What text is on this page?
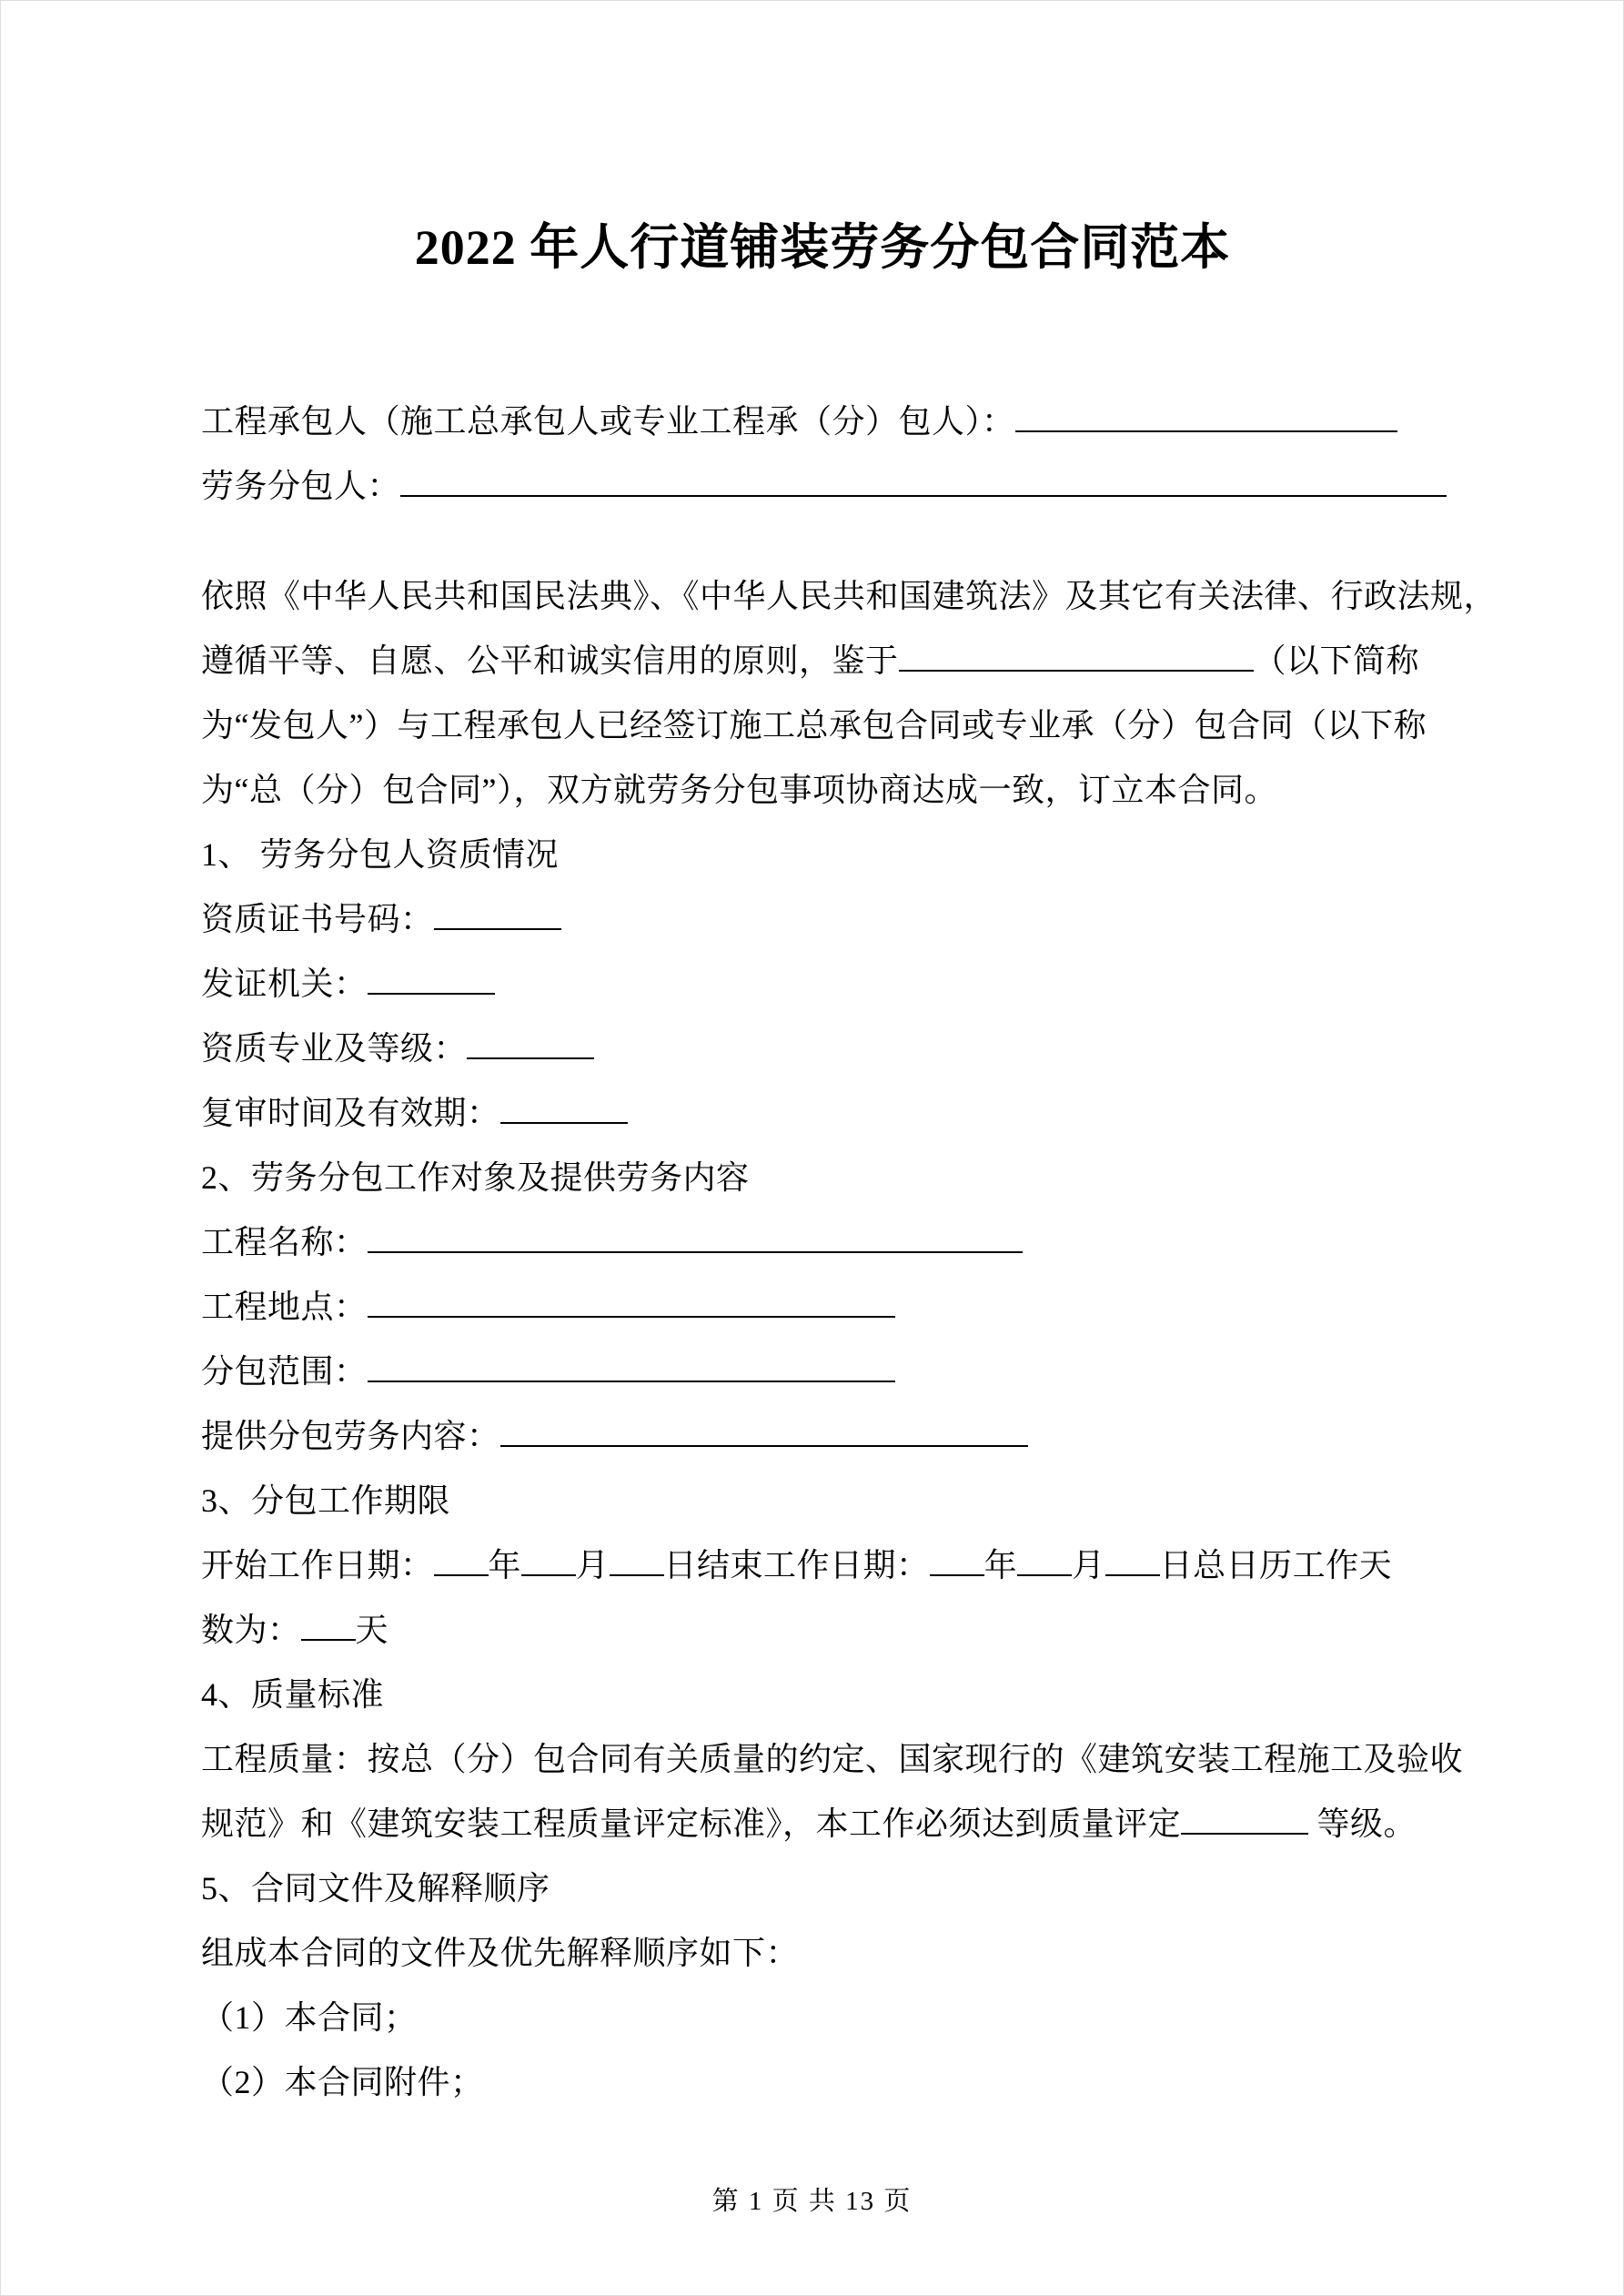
2022 年人行道铺装劳务分包合同范本
工程承包人（施工总承包人或专业工程承（分）包人）：
劳务分包人：
依照《中华人民共和国民法典》、《中华人民共和国建筑法》及其它有关法律、行政法规，
遵循平等、自愿、公平和诚实信用的原则，鉴于	（以下简称
为“发包人”）与工程承包人已经签订施工总承包合同或专业承（分）包合同（以下称
为“总（分）包合同”），双方就劳务分包事项协商达成一致，订立本合同。
1、 劳务分包人资质情况
资质证书号码：
发证机关：
资质专业及等级：
复审时间及有效期：
2、劳务分包工作对象及提供劳务内容
工程名称：
工程地点：
分包范围：
提供分包劳务内容：
3、分包工作期限
开始工作日期： 年 月 日结束工作日期： 年 月 日总日历工作天
数为： 天
4、质量标准
工程质量：按总（分）包合同有关质量的约定、国家现行的《建筑安装工程施工及验收
规范》和《建筑安装工程质量评定标准》，本工作必须达到质量评定	等级。
5、合同文件及解释顺序
组成本合同的文件及优先解释顺序如下：
（1）本合同；
（2）本合同附件；
第 1 页 共 13 页
